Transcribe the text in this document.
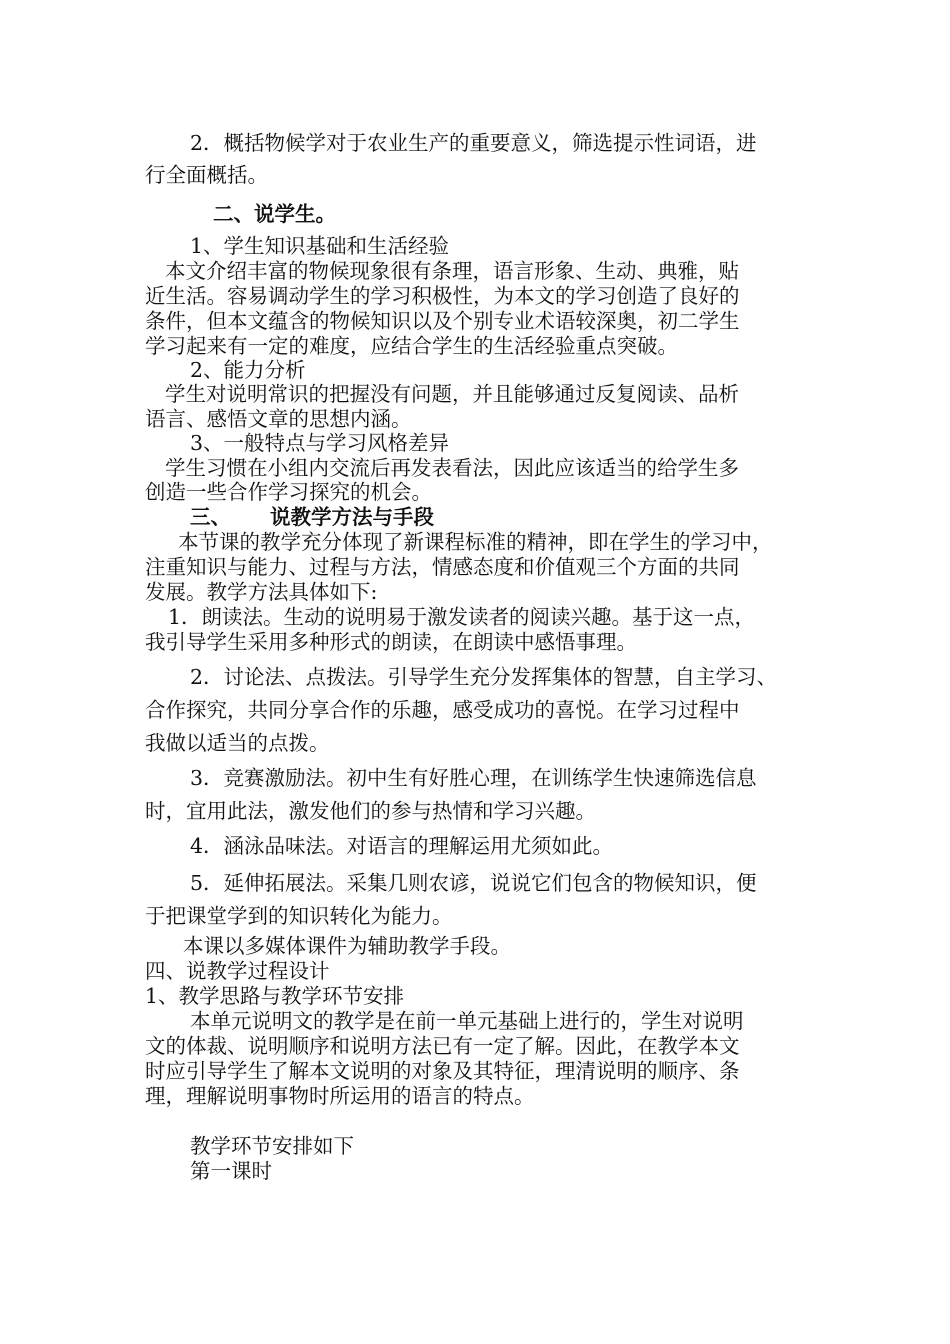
2．概括物候学对于农业生产的重要意义，筛选提示性词语，进
行全面概括。
二、说学生。
1、学生知识基础和生活经验
本文介绍丰富的物候现象很有条理，语言形象、生动、典雅，贴
近生活。容易调动学生的学习积极性，为本文的学习创造了良好的
条件，但本文蕴含的物候知识以及个别专业术语较深奥，初二学生
学习起来有一定的难度，应结合学生的生活经验重点突破。
2、能力分析
学生对说明常识的把握没有问题，并且能够通过反复阅读、品析
语言、感悟文章的思想内涵。
3、一般特点与学习风格差异
学生习惯在小组内交流后再发表看法，因此应该适当的给学生多
创造一些合作学习探究的机会。
三、 说教学方法与手段
本节课的教学充分体现了新课程标准的精神，即在学生的学习中，
注重知识与能力、过程与方法，情感态度和价值观三个方面的共同
发展。教学方法具体如下:
1．朗读法。生动的说明易于激发读者的阅读兴趣。基于这一点，
我引导学生采用多种形式的朗读，在朗读中感悟事理。
2．讨论法、点拨法。引导学生充分发挥集体的智慧，自主学习、
合作探究，共同分享合作的乐趣，感受成功的喜悦。在学习过程中
我做以适当的点拨。
3．竞赛激励法。初中生有好胜心理，在训练学生快速筛选信息
时，宜用此法，激发他们的参与热情和学习兴趣。
4．涵泳品味法。对语言的理解运用尤须如此。
5．延伸拓展法。采集几则农谚，说说它们包含的物候知识，便
于把课堂学到的知识转化为能力。
本课以多媒体课件为辅助教学手段。
四、说教学过程设计
1、教学思路与教学环节安排
本单元说明文的教学是在前一单元基础上进行的，学生对说明
文的体裁、说明顺序和说明方法已有一定了解。因此，在教学本文
时应引导学生了解本文说明的对象及其特征，理清说明的顺序、条
理，理解说明事物时所运用的语言的特点。
教学环节安排如下
第一课时
